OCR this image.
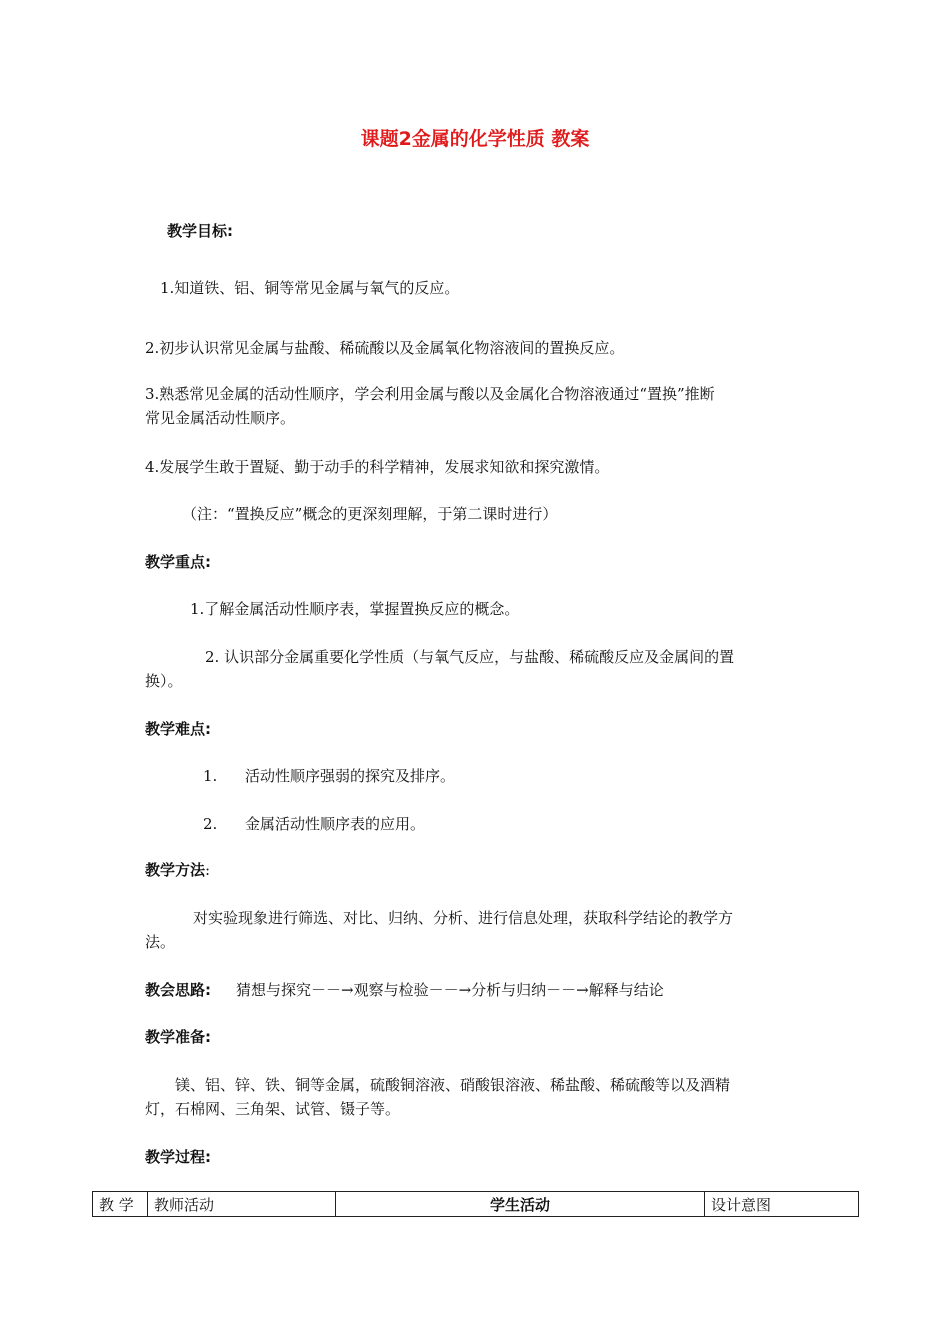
课题2金属的化学性质 教案
教学目标:
1.知道铁、铝、铜等常见金属与氧气的反应。
2.初步认识常见金属与盐酸、稀硫酸以及金属氧化物溶液间的置换反应。
3.熟悉常见金属的活动性顺序，学会利用金属与酸以及金属化合物溶液通过“置换”推断
常见金属活动性顺序。
4.发展学生敢于置疑、勤于动手的科学精神，发展求知欲和探究激情。
（注：“置换反应”概念的更深刻理解，于第二课时进行）
教学重点:
1.了解金属活动性顺序表，掌握置换反应的概念。
2. 认识部分金属重要化学性质（与氧气反应，与盐酸、稀硫酸反应及金属间的置
换）。
教学难点:
1. 活动性顺序强弱的探究及排序。
2. 金属活动性顺序表的应用。
教学方法:
对实验现象进行筛选、对比、归纳、分析、进行信息处理，获取科学结论的教学方
法。
教会思路: 猜想与探究－－→观察与检验－－→分析与归纳－－→解释与结论
教学准备:
镁、铝、锌、铁、铜等金属，硫酸铜溶液、硝酸银溶液、稀盐酸、稀硫酸等以及酒精
灯，石棉网、三角架、试管、镊子等。
教学过程:
教 学	教师活动	学生活动	设计意图
